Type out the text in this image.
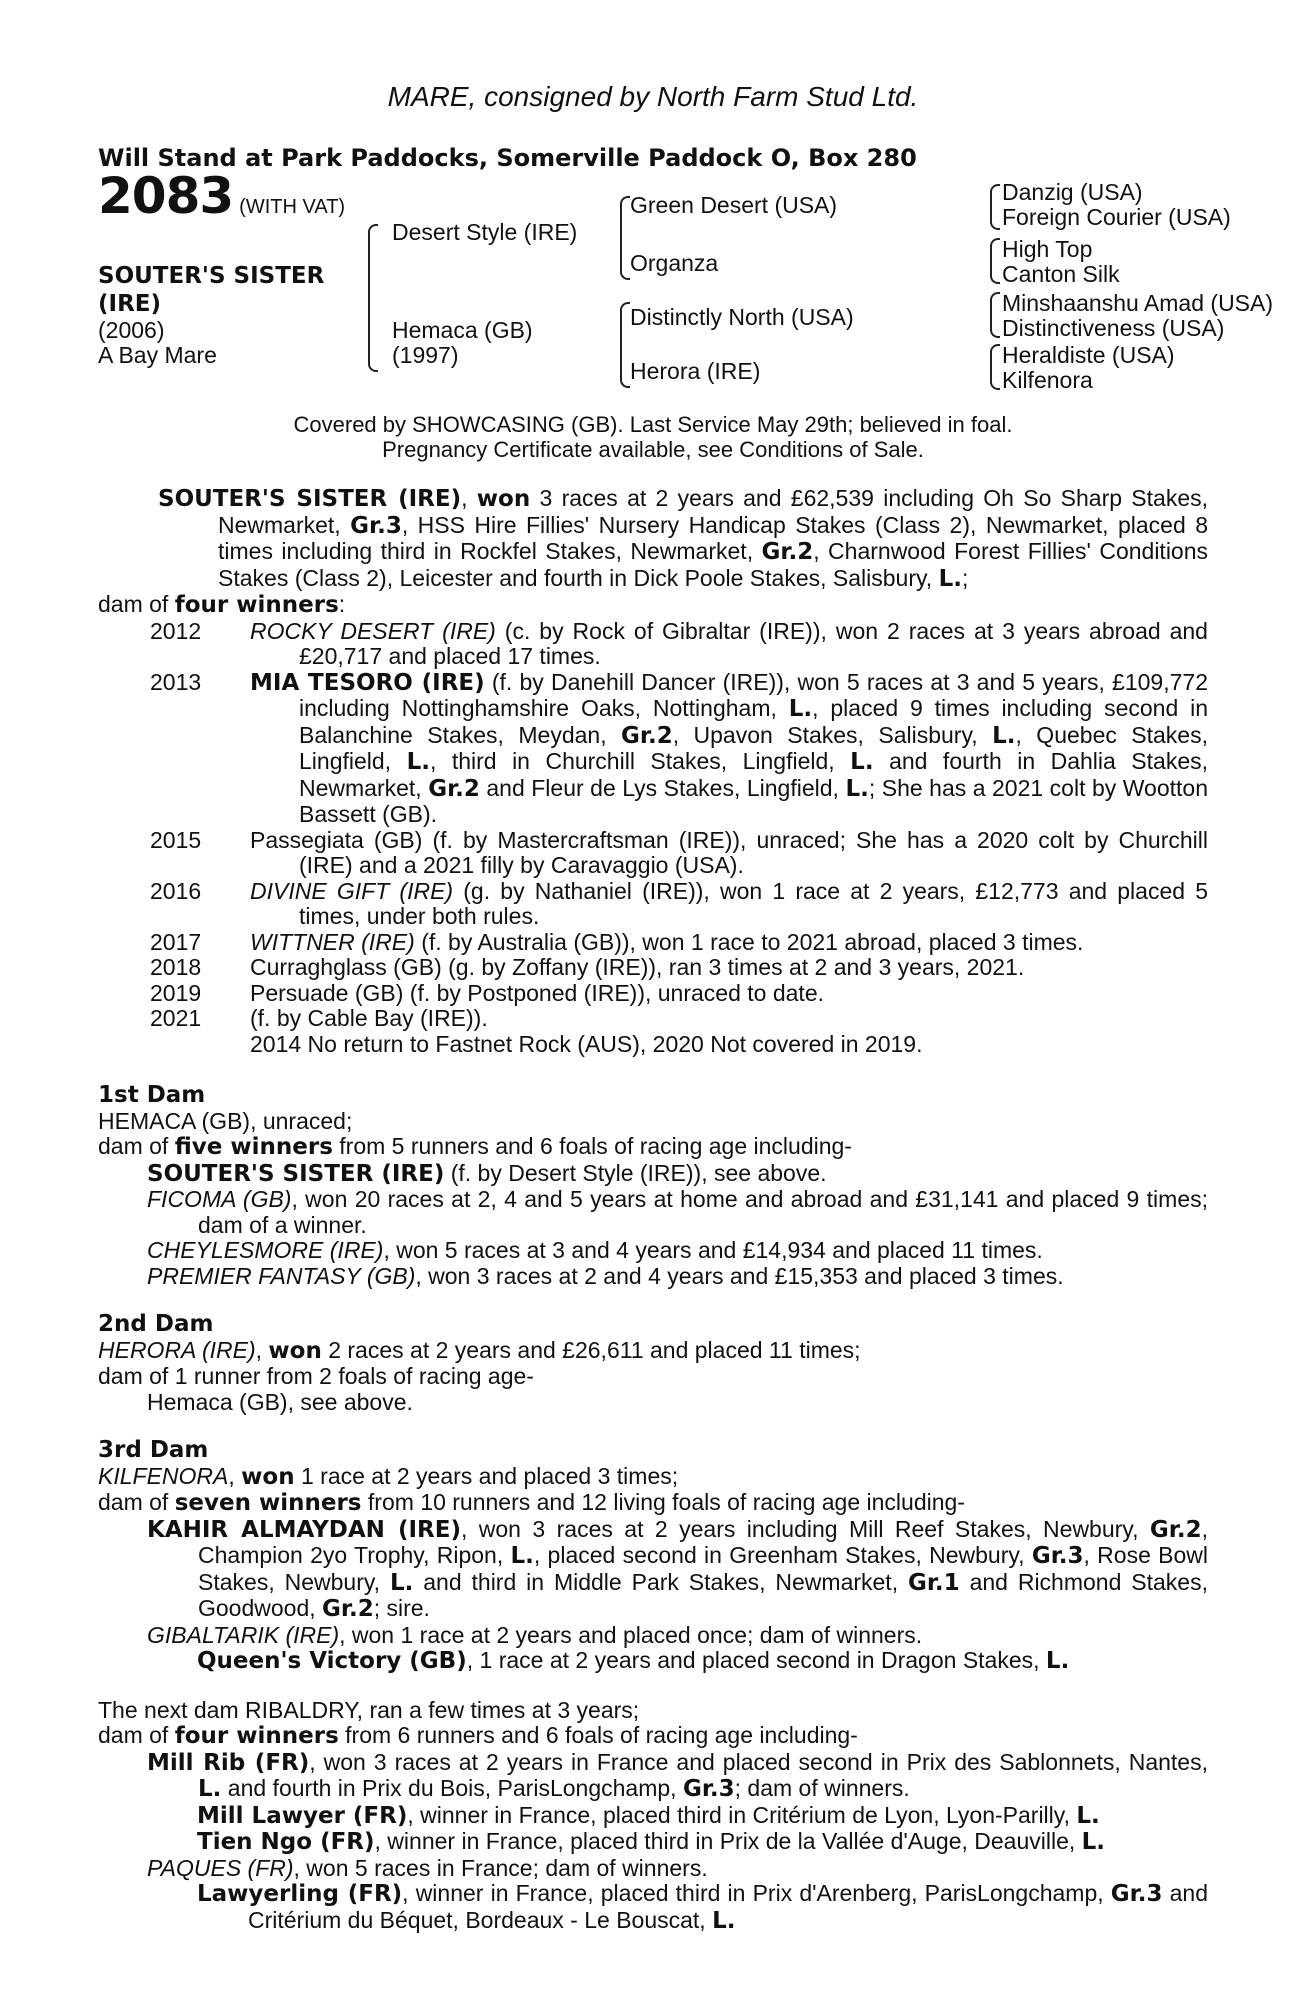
MARE, consigned by North Farm Stud Ltd.
Will Stand at Park Paddocks, Somerville Paddock O, Box 280
2083 (WITH VAT)
SOUTER'S SISTER
(IRE)
(2006)
A Bay Mare
Desert Style (IRE)
Hemaca (GB)
(1997)
Green Desert (USA)
Organza
Distinctly North (USA)
Herora (IRE)
Danzig (USA)
Foreign Courier (USA)
High Top
Canton Silk
Minshaanshu Amad (USA)
Distinctiveness (USA)
Heraldiste (USA)
Kilfenora
Covered by SHOWCASING (GB). Last Service May 29th; believed in foal.
Pregnancy Certificate available, see Conditions of Sale.

SOUTER'S SISTER (IRE), won 3 races at 2 years and £62,539 including Oh So Sharp Stakes, Newmarket, Gr.3, HSS Hire Fillies' Nursery Handicap Stakes (Class 2), Newmarket, placed 8 times including third in Rockfel Stakes, Newmarket, Gr.2, Charnwood Forest Fillies' Conditions Stakes (Class 2), Leicester and fourth in Dick Poole Stakes, Salisbury, L.;

dam of four winners:
2012	ROCKY DESERT (IRE) (c. by Rock of Gibraltar (IRE)), won 2 races at 3 years abroad and £20,717 and placed 17 times.
2013	MIA TESORO (IRE) (f. by Danehill Dancer (IRE)), won 5 races at 3 and 5 years, £109,772 including Nottinghamshire Oaks, Nottingham, L., placed 9 times including second in Balanchine Stakes, Meydan, Gr.2, Upavon Stakes, Salisbury, L., Quebec Stakes, Lingfield, L., third in Churchill Stakes, Lingfield, L. and fourth in Dahlia Stakes, Newmarket, Gr.2 and Fleur de Lys Stakes, Lingfield, L.; She has a 2021 colt by Wootton Bassett (GB).
2015	Passegiata (GB) (f. by Mastercraftsman (IRE)), unraced; She has a 2020 colt by Churchill (IRE) and a 2021 filly by Caravaggio (USA).
2016	DIVINE GIFT (IRE) (g. by Nathaniel (IRE)), won 1 race at 2 years, £12,773 and placed 5 times, under both rules.
2017	WITTNER (IRE) (f. by Australia (GB)), won 1 race to 2021 abroad, placed 3 times.
2018	Curraghglass (GB) (g. by Zoffany (IRE)), ran 3 times at 2 and 3 years, 2021.
2019	Persuade (GB) (f. by Postponed (IRE)), unraced to date.
2021	(f. by Cable Bay (IRE)).
2014 No return to Fastnet Rock (AUS), 2020 Not covered in 2019.
1st Dam
HEMACA (GB), unraced;
dam of five winners from 5 runners and 6 foals of racing age including-
SOUTER'S SISTER (IRE) (f. by Desert Style (IRE)), see above.
FICOMA (GB), won 20 races at 2, 4 and 5 years at home and abroad and £31,141 and placed 9 times; dam of a winner.
CHEYLESMORE (IRE), won 5 races at 3 and 4 years and £14,934 and placed 11 times.
PREMIER FANTASY (GB), won 3 races at 2 and 4 years and £15,353 and placed 3 times.
2nd Dam
HERORA (IRE), won 2 races at 2 years and £26,611 and placed 11 times;
dam of 1 runner from 2 foals of racing age-
Hemaca (GB), see above.
3rd Dam
KILFENORA, won 1 race at 2 years and placed 3 times;
dam of seven winners from 10 runners and 12 living foals of racing age including-
KAHIR ALMAYDAN (IRE), won 3 races at 2 years including Mill Reef Stakes, Newbury, Gr.2, Champion 2yo Trophy, Ripon, L., placed second in Greenham Stakes, Newbury, Gr.3, Rose Bowl Stakes, Newbury, L. and third in Middle Park Stakes, Newmarket, Gr.1 and Richmond Stakes, Goodwood, Gr.2; sire.
GIBALTARIK (IRE), won 1 race at 2 years and placed once; dam of winners.
Queen's Victory (GB), 1 race at 2 years and placed second in Dragon Stakes, L.
The next dam RIBALDRY, ran a few times at 3 years;
dam of four winners from 6 runners and 6 foals of racing age including-
Mill Rib (FR), won 3 races at 2 years in France and placed second in Prix des Sablonnets, Nantes, L. and fourth in Prix du Bois, ParisLongchamp, Gr.3; dam of winners.
Mill Lawyer (FR), winner in France, placed third in Critérium de Lyon, Lyon-Parilly, L.
Tien Ngo (FR), winner in France, placed third in Prix de la Vallée d'Auge, Deauville, L.
PAQUES (FR), won 5 races in France; dam of winners.
Lawyerling (FR), winner in France, placed third in Prix d'Arenberg, ParisLongchamp, Gr.3 and Critérium du Béquet, Bordeaux - Le Bouscat, L.
